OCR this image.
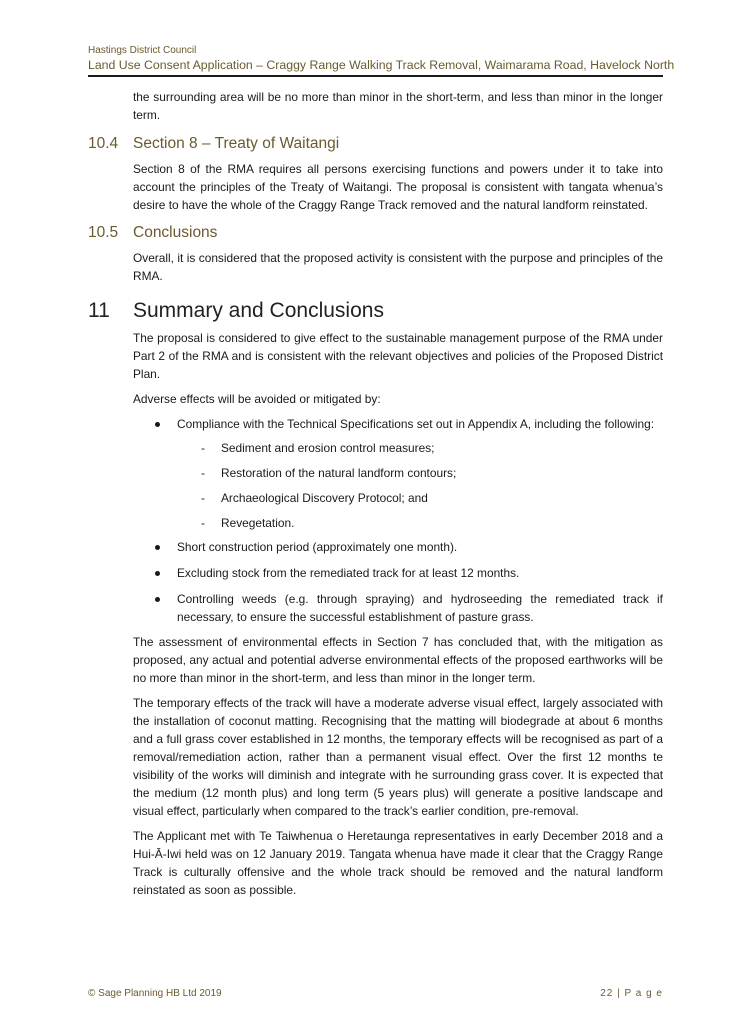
Hastings District Council
Land Use Consent Application – Craggy Range Walking Track Removal, Waimarama Road, Havelock North

the surrounding area will be no more than minor in the short-term, and less than minor in the longer term.

10.4 Section 8 – Treaty of Waitangi

Section 8 of the RMA requires all persons exercising functions and powers under it to take into account the principles of the Treaty of Waitangi. The proposal is consistent with tangata whenua’s desire to have the whole of the Craggy Range Track removed and the natural landform reinstated.

10.5 Conclusions

Overall, it is considered that the proposed activity is consistent with the purpose and principles of the RMA.

11	Summary and Conclusions

The proposal is considered to give effect to the sustainable management purpose of the RMA under Part 2 of the RMA and is consistent with the relevant objectives and policies of the Proposed District Plan.

Adverse effects will be avoided or mitigated by:

Compliance with the Technical Specifications set out in Appendix A, including the following:
- Sediment and erosion control measures;
- Restoration of the natural landform contours;
- Archaeological Discovery Protocol; and
- Revegetation.
Short construction period (approximately one month).
Excluding stock from the remediated track for at least 12 months.
Controlling weeds (e.g. through spraying) and hydroseeding the remediated track if necessary, to ensure the successful establishment of pasture grass.

The assessment of environmental effects in Section 7 has concluded that, with the mitigation as proposed, any actual and potential adverse environmental effects of the proposed earthworks will be no more than minor in the short-term, and less than minor in the longer term.

The temporary effects of the track will have a moderate adverse visual effect, largely associated with the installation of coconut matting. Recognising that the matting will biodegrade at about 6 months and a full grass cover established in 12 months, the temporary effects will be recognised as part of a removal/remediation action, rather than a permanent visual effect. Over the first 12 months te visibility of the works will diminish and integrate with he surrounding grass cover. It is expected that the medium (12 month plus) and long term (5 years plus) will generate a positive landscape and visual effect, particularly when compared to the track’s earlier condition, pre-removal.

The Applicant met with Te Taiwhenua o Heretaunga representatives in early December 2018 and a Hui-Ā-Iwi held was on 12 January 2019. Tangata whenua have made it clear that the Craggy Range Track is culturally offensive and the whole track should be removed and the natural landform reinstated as soon as possible.

© Sage Planning HB Ltd 2019	22 | P a g e
